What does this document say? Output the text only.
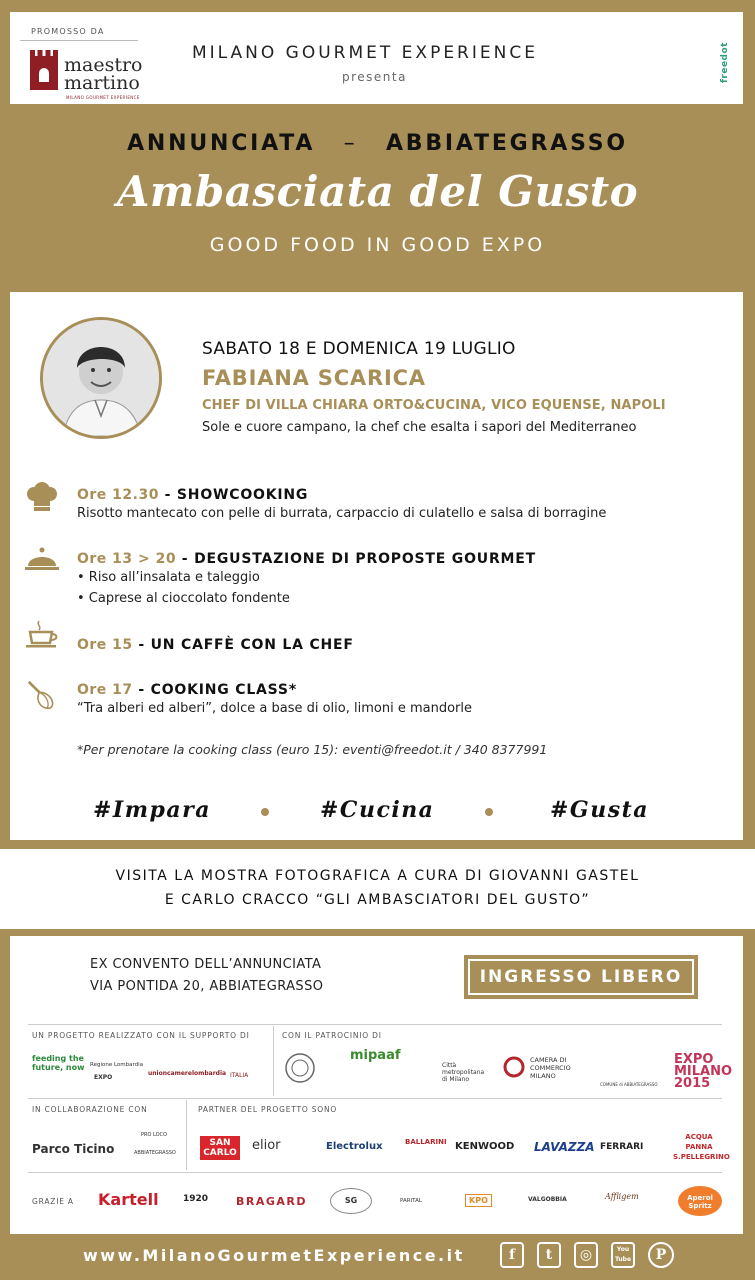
PROMOSSO DA
maestro
martino
MILANO GOURMET EXPERIENCE
MILANO GOURMET EXPERIENCE
presenta	freedot
ANNUNCIATA – ABBIATEGRASSO
Ambasciata del Gusto
GOOD FOOD IN GOOD EXPO
SABATO 18 E DOMENICA 19 LUGLIO
FABIANA SCARICA
CHEF DI VILLA CHIARA ORTO&CUCINA, VICO EQUENSE, NAPOLI
Sole e cuore campano, la chef che esalta i sapori del Mediterraneo
Ore 12.30 - SHOWCOOKING
Risotto mantecato con pelle di burrata, carpaccio di culatello e salsa di borragine
Ore 13 > 20 - DEGUSTAZIONE DI PROPOSTE GOURMET
• Riso all’insalata e taleggio
• Caprese al cioccolato fondente
Ore 15 - UN CAFFÈ CON LA CHEF
Ore 17 - COOKING CLASS*
“Tra alberi ed alberi”, dolce a base di olio, limoni e mandorle
*Per prenotare la cooking class (euro 15): eventi@freedot.it / 340 8377991
#Impara	#Cucina	#Gusta
VISITA LA MOSTRA FOTOGRAFICA A CURA DI GIOVANNI GASTEL
E CARLO CRACCO “GLI AMBASCIATORI DEL GUSTO”
EX CONVENTO DELL’ANNUNCIATA
VIA PONTIDA 20, ABBIATEGRASSO	INGRESSO LIBERO
UN PROGETTO REALIZZATO CON IL SUPPORTO DI	CON IL PATROCINIO DI
feeding the future, now	Regione Lombardia
EXPO
unioncamerelombardia ITALIA
mipaaf
Città metropolitana di Milano
CAMERA DI COMMERCIO MILANO
COMUNE di ABBIATEGRASSO
EXPO MILANO 2015
IN COLLABORAZIONE CON	PARTNER DEL PROGETTO SONO
Parco Ticino
PRO LOCO ABBIATEGRASSO
SAN CARLO elior	Electrolux	BALLARINI KENWOOD LAVAZZA FERRARI
ACQUA PANNA S.PELLEGRINO
GRAZIE A Kartell	1920	BRAGARD	SG	PARITAL	KPO	VALGOBBIA	Affligem	Aperol Spritz
www.MilanoGourmetExperience.it	f	t	◎	You Tube	P
